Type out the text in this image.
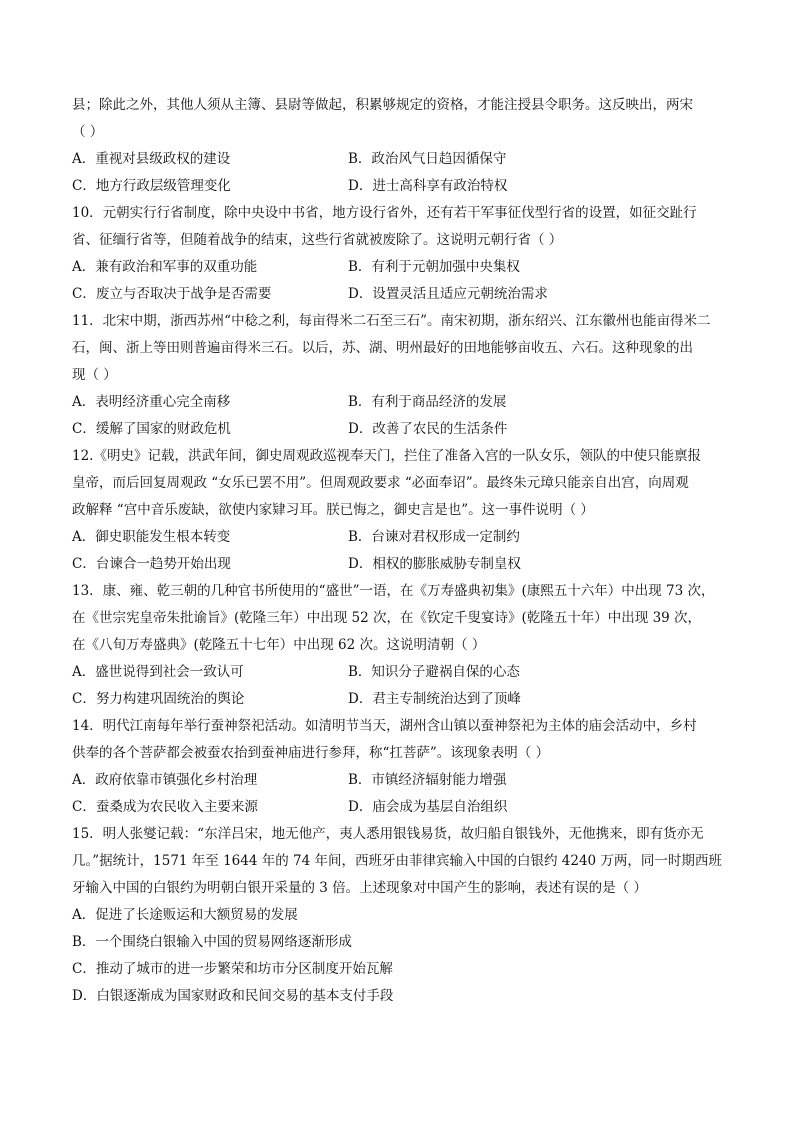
县；除此之外，其他人须从主簿、县尉等做起，积累够规定的资格，才能注授县令职务。这反映出，两宋
（ ）
A．重视对县级政权的建设	B．政治风气日趋因循保守
C．地方行政层级管理变化	D．进士高科享有政治特权
10．元朝实行行省制度，除中央设中书省，地方设行省外，还有若干军事征伐型行省的设置，如征交趾行
省、征缅行省等，但随着战争的结束，这些行省就被废除了。这说明元朝行省（ ）
A．兼有政治和军事的双重功能	B．有利于元朝加强中央集权
C．废立与否取决于战争是否需要	D．设置灵活且适应元朝统治需求
11．北宋中期，浙西苏州“中稔之利，每亩得米二石至三石”。南宋初期，浙东绍兴、江东徽州也能亩得米二
石，闽、浙上等田则普遍亩得米三石。以后，苏、湖、明州最好的田地能够亩收五、六石。这种现象的出
现（ ）
A．表明经济重心完全南移	B．有利于商品经济的发展
C．缓解了国家的财政危机	D．改善了农民的生活条件
12.《明史》记载，洪武年间，御史周观政巡视奉天门，拦住了准备入宫的一队女乐，领队的中使只能禀报
皇帝，而后回复周观政 “女乐已罢不用”。但周观政要求 “必面奉诏”。最终朱元璋只能亲自出宫，向周观
政解释 “宫中音乐废缺，欲使内家肄习耳。朕已悔之，御史言是也”。这一事件说明（ ）
A．御史职能发生根本转变	B．台谏对君权形成一定制约
C．台谏合一趋势开始出现	D．相权的膨胀威胁专制皇权
13．康、雍、乾三朝的几种官书所使用的“盛世”一语，在《万寿盛典初集》(康熙五十六年）中出现 73 次，
在《世宗宪皇帝朱批谕旨》(乾隆三年）中出现 52 次，在《钦定千叟宴诗》(乾隆五十年）中出现 39 次，
在《八旬万寿盛典》(乾隆五十七年）中出现 62 次。这说明清朝（ ）
A．盛世说得到社会一致认可	B．知识分子避祸自保的心态
C．努力构建巩固统治的舆论	D．君主专制统治达到了顶峰
14．明代江南每年举行蚕神祭祀活动。如清明节当天，湖州含山镇以蚕神祭祀为主体的庙会活动中，乡村
供奉的各个菩萨都会被蚕农抬到蚕神庙进行参拜，称“扛菩萨”。该现象表明（ ）
A．政府依靠市镇强化乡村治理	B．市镇经济辐射能力增强
C．蚕桑成为农民收入主要来源	D．庙会成为基层自治组织
15．明人张燮记载：“东洋吕宋，地无他产，夷人悉用银钱易货，故归船自银钱外，无他携来，即有货亦无
几。”据统计，1571 年至 1644 年的 74 年间，西班牙由菲律宾输入中国的白银约 4240 万两，同一时期西班
牙输入中国的白银约为明朝白银开采量的 3 倍。上述现象对中国产生的影响，表述有误的是（ ）
A．促进了长途贩运和大额贸易的发展
B．一个围绕白银输入中国的贸易网络逐渐形成
C．推动了城市的进一步繁荣和坊市分区制度开始瓦解
D．白银逐渐成为国家财政和民间交易的基本支付手段
